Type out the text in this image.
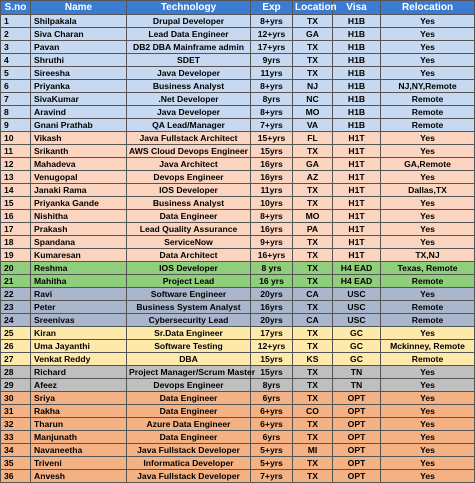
S.no	Name	Technology	Exp	Location	Visa	Relocation
1	Shilpakala	Drupal Developer	8+yrs	TX	H1B	Yes
2	Siva Charan	Lead Data Engineer	12+yrs	GA	H1B	Yes
3	Pavan	DB2 DBA Mainframe admin	17+yrs	TX	H1B	Yes
4	Shruthi	SDET	9yrs	TX	H1B	Yes
5	Sireesha	Java Developer	11yrs	TX	H1B	Yes
6	Priyanka	Business Analyst	8+yrs	NJ	H1B	NJ,NY,Remote
7	SivaKumar	.Net Developer	8yrs	NC	H1B	Remote
8	Aravind	Java Developer	8+yrs	MO	H1B	Remote
9	Gnani Prathab	QA Lead/Manager	7+yrs	VA	H1B	Remote
10	Vikash	Java Fullstack Architect	15+yrs	FL	H1T	Yes
11	Srikanth	AWS Cloud Devops Engineer	15yrs	TX	H1T	Yes
12	Mahadeva	Java Architect	16yrs	GA	H1T	GA,Remote
13	Venugopal	Devops Engineer	16yrs	AZ	H1T	Yes
14	Janaki Rama	IOS Developer	11yrs	TX	H1T	Dallas,TX
15	Priyanka Gande	Business Analyst	10yrs	TX	H1T	Yes
16	Nishitha	Data Engineer	8+yrs	MO	H1T	Yes
17	Prakash	Lead Quality Assurance	16yrs	PA	H1T	Yes
18	Spandana	ServiceNow	9+yrs	TX	H1T	Yes
19	Kumaresan	Data Architect	16+yrs	TX	H1T	TX,NJ
20	Reshma	IOS Developer	8 yrs	TX	H4 EAD	Texas, Remote
21	Mahitha	Project Lead	16 yrs	TX	H4 EAD	Remote
22	Ravi	Software Engineer	20yrs	CA	USC	Yes
23	Peter	Business System Analyst	16yrs	TX	USC	Remote
24	Sreenivas	Cybersecurity Lead	20yrs	CA	USC	Remote
25	Kiran	Sr.Data Engineer	17yrs	TX	GC	Yes
26	Uma Jayanthi	Software Testing	12+yrs	TX	GC	Mckinney, Remote
27	Venkat Reddy	DBA	15yrs	KS	GC	Remote
28	Richard	Project Manager/Scrum Master	15yrs	TX	TN	Yes
29	Afeez	Devops Engineer	8yrs	TX	TN	Yes
30	Sriya	Data Engineer	6yrs	TX	OPT	Yes
31	Rakha	Data Engineer	6+yrs	CO	OPT	Yes
32	Tharun	Azure Data Engineer	6+yrs	TX	OPT	Yes
33	Manjunath	Data Engineer	6yrs	TX	OPT	Yes
34	Navaneetha	Java Fullstack Developer	5+yrs	MI	OPT	Yes
35	Triveni	Informatica Developer	5+yrs	TX	OPT	Yes
36	Anvesh	Java Fullstack Developer	7+yrs	TX	OPT	Yes
